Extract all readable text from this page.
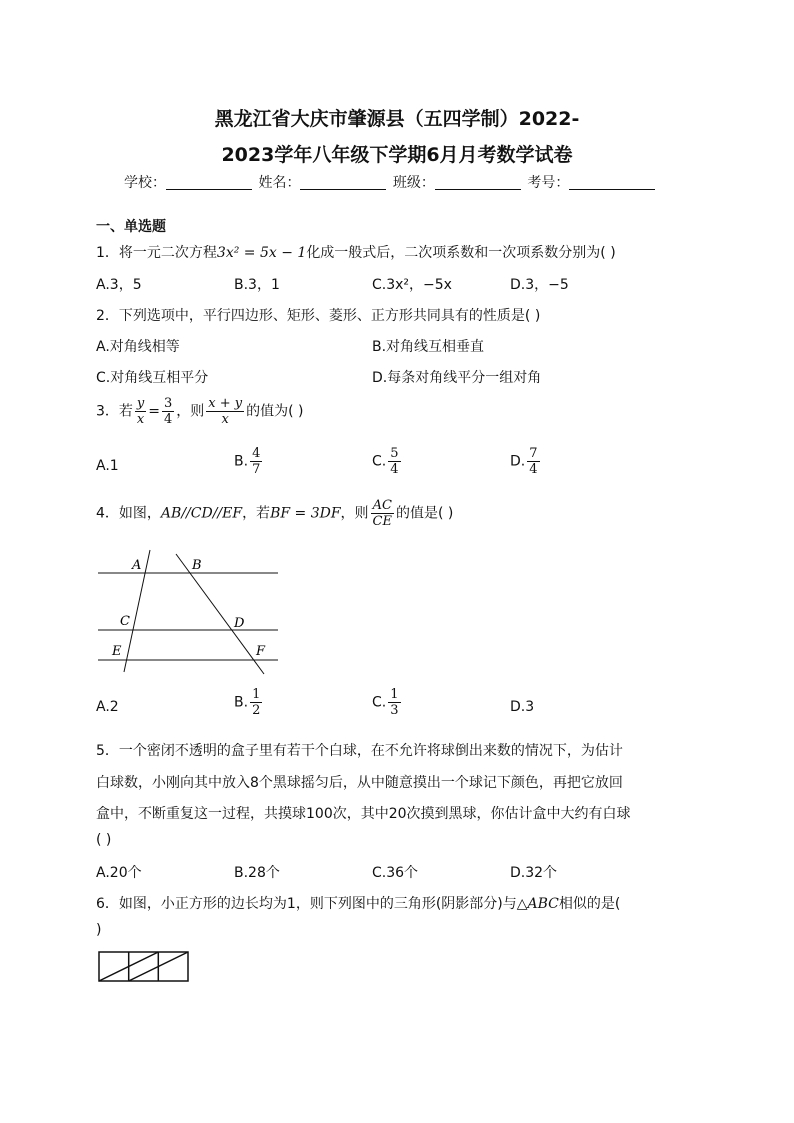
黑龙江省大庆市肇源县（五四学制）2022-
2023学年八年级下学期6月月考数学试卷
学校：	姓名：	班级：	考号：
一、单选题
1．将一元二次方程3x² = 5x − 1化成一般式后，二次项系数和一次项系数分别为( )
A.3，5	B.3，1	C.3x²，−5x	D.3，−5
2．下列选项中，平行四边形、矩形、菱形、正方形共同具有的性质是( )
A.对角线相等	B.对角线互相垂直
C.对角线互相平分	D.每条对角线平分一组对角
3．若 $\frac{y}{x} = \frac{3}{4}$ ，则 $\frac{x + y}{x}$ 的值为( )
A.1	B. $\frac{4}{7}$	C. $\frac{5}{4}$	D. $\frac{7}{4}$
4．如图，AB//CD//EF，若BF = 3DF，则 $\frac{AC}{CE}$ 的值是( )
A	B
C	D
E	F
A.2	B. $\frac{1}{2}$	C. $\frac{1}{3}$	D.3
5．一个密闭不透明的盒子里有若干个白球，在不允许将球倒出来数的情况下，为估计
白球数，小刚向其中放入8个黑球摇匀后，从中随意摸出一个球记下颜色，再把它放回
盒中，不断重复这一过程，共摸球100次，其中20次摸到黑球，你估计盒中大约有白球
( )
A.20个	B.28个	C.36个	D.32个
6．如图，小正方形的边长均为1，则下列图中的三角形(阴影部分)与△ABC相似的是(
)
